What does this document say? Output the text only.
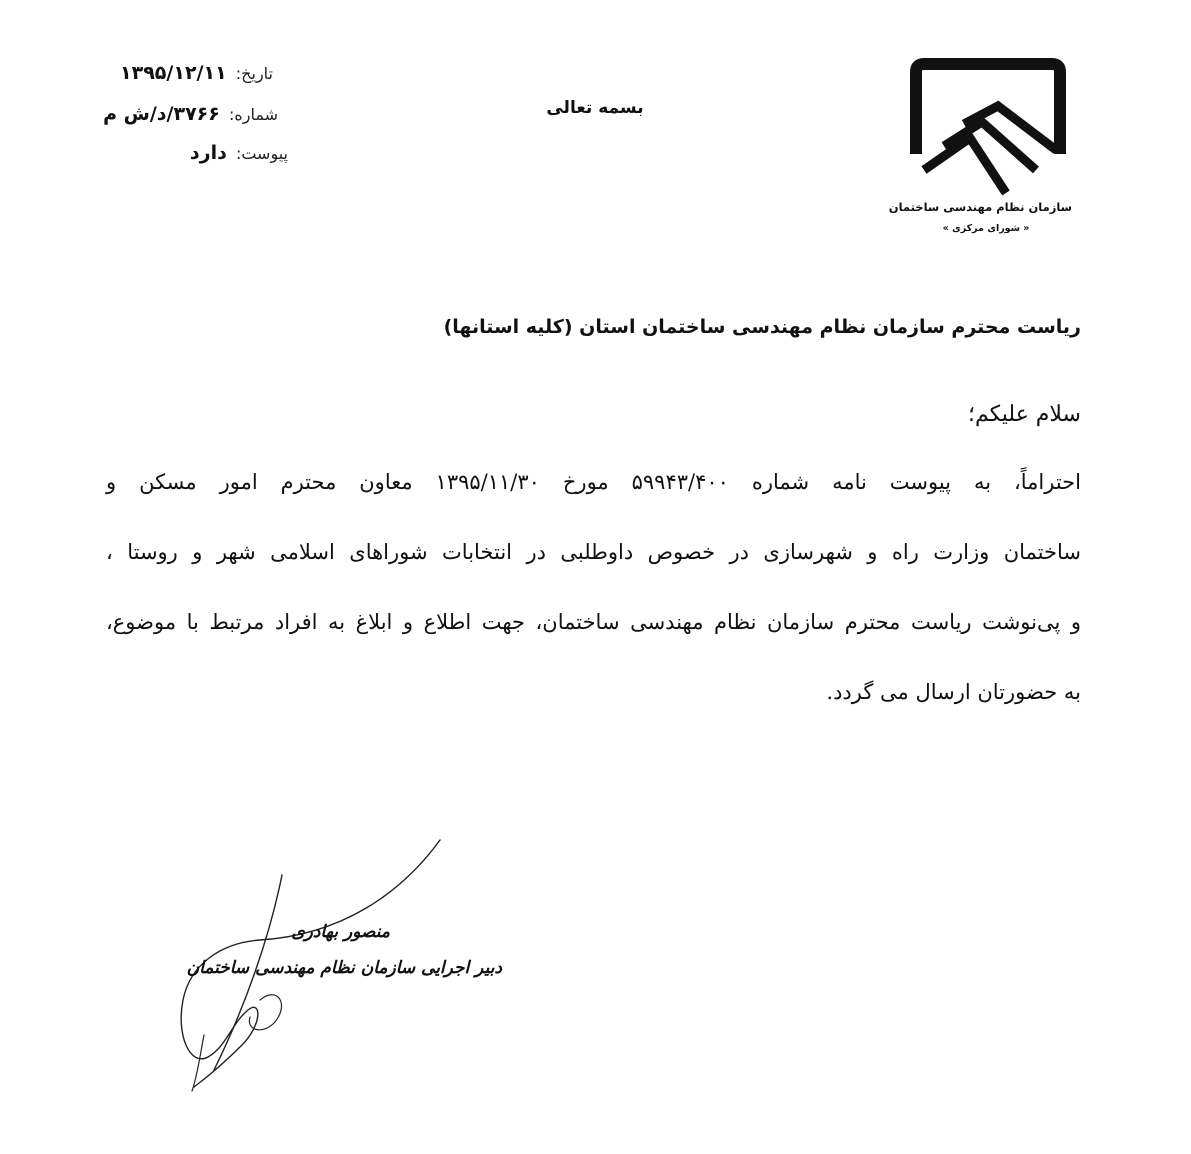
تاریخ: ۱۳۹۵/۱۲/۱۱
شماره: ۳۷۶۶/د/ش م
پیوست: دارد
بسمه تعالی
سازمان نظام مهندسی ساختمان
« شورای مرکزی »
ریاست محترم سازمان نظام مهندسی ساختمان استان (کلیه استانها)
سلام علیکم؛
احتراماً، به پیوست نامه شماره ۵۹۹۴۳/۴۰۰ مورخ ۱۳۹۵/۱۱/۳۰ معاون محترم امور مسکن و
ساختمان وزارت راه و شهرسازی در خصوص داوطلبی در انتخابات شوراهای اسلامی شهر و روستا ،
و پی‌نوشت ریاست محترم سازمان نظام مهندسی ساختمان، جهت اطلاع و ابلاغ به افراد مرتبط با موضوع،
به حضورتان ارسال می گردد.
منصور بهادری
دبیر اجرایی سازمان نظام مهندسی ساختمان
